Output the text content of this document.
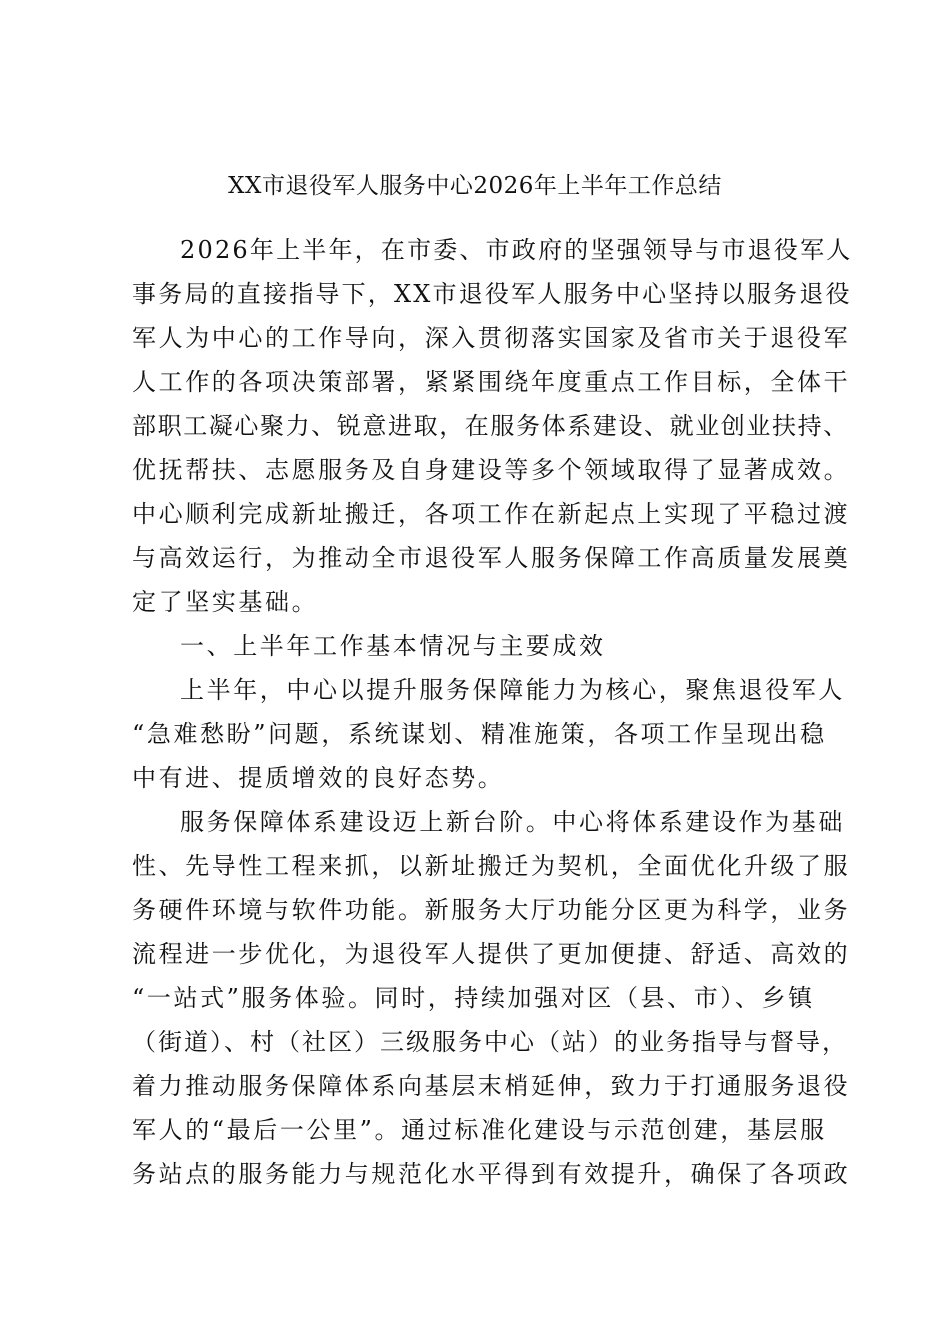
XX市退役军人服务中心2026年上半年工作总结
2026年上半年，在市委、市政府的坚强领导与市退役军人
事务局的直接指导下，XX市退役军人服务中心坚持以服务退役
军人为中心的工作导向，深入贯彻落实国家及省市关于退役军
人工作的各项决策部署，紧紧围绕年度重点工作目标，全体干
部职工凝心聚力、锐意进取，在服务体系建设、就业创业扶持、
优抚帮扶、志愿服务及自身建设等多个领域取得了显著成效。
中心顺利完成新址搬迁，各项工作在新起点上实现了平稳过渡
与高效运行，为推动全市退役军人服务保障工作高质量发展奠
定了坚实基础。
一、上半年工作基本情况与主要成效
上半年，中心以提升服务保障能力为核心，聚焦退役军人
“急难愁盼”问题，系统谋划、精准施策，各项工作呈现出稳
中有进、提质增效的良好态势。
服务保障体系建设迈上新台阶。中心将体系建设作为基础
性、先导性工程来抓，以新址搬迁为契机，全面优化升级了服
务硬件环境与软件功能。新服务大厅功能分区更为科学，业务
流程进一步优化，为退役军人提供了更加便捷、舒适、高效的
“一站式”服务体验。同时，持续加强对区（县、市）、乡镇
（街道）、村（社区）三级服务中心（站）的业务指导与督导，
着力推动服务保障体系向基层末梢延伸，致力于打通服务退役
军人的“最后一公里”。通过标准化建设与示范创建，基层服
务站点的服务能力与规范化水平得到有效提升，确保了各项政
